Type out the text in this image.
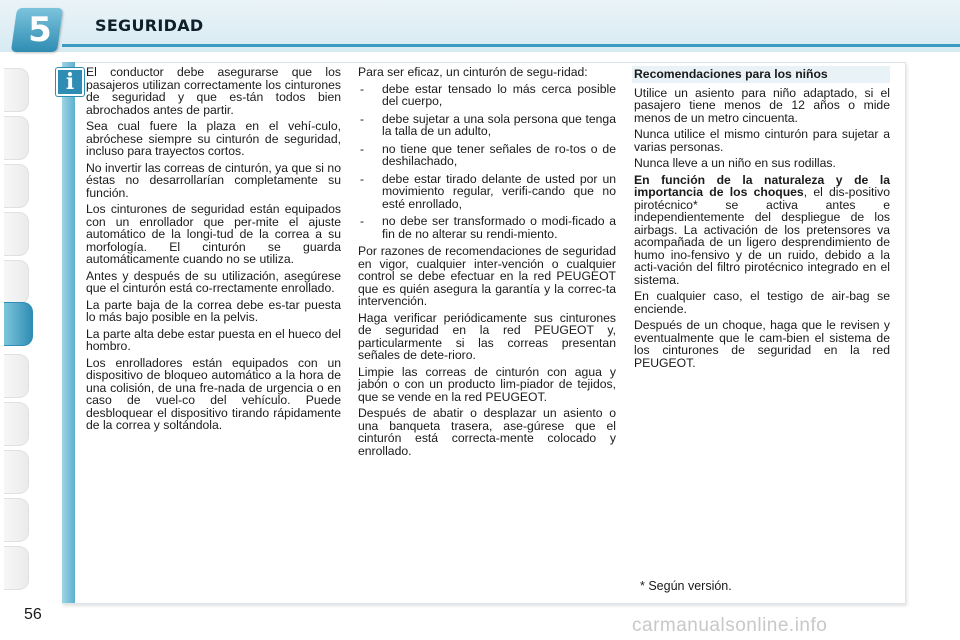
5	SEGURIDAD
i El conductor debe asegurarse que los pasajeros utilizan correctamente los cinturones de seguridad y que es-tán todos bien abrochados antes de partir.

Sea cual fuere la plaza en el vehí-culo, abróchese siempre su cinturón de seguridad, incluso para trayectos cortos.

No invertir las correas de cinturón, ya que si no éstas no desarrollarían completamente su función.

Los cinturones de seguridad están equipados con un enrollador que per-mite el ajuste automático de la longi-tud de la correa a su morfología. El cinturón se guarda automáticamente cuando no se utiliza.

Antes y después de su utilización, asegúrese que el cinturón está co-rrectamente enrollado.

La parte baja de la correa debe es-tar puesta lo más bajo posible en la pelvis.

La parte alta debe estar puesta en el hueco del hombro.

Los enrolladores están equipados con un dispositivo de bloqueo automático a la hora de una colisión, de una fre-nada de urgencia o en caso de vuel-co del vehículo. Puede desbloquear el dispositivo tirando rápidamente de la correa y soltándola.

Para ser eficaz, un cinturón de segu-ridad:

- debe estar tensado lo más cerca posible del cuerpo,
- debe sujetar a una sola persona que tenga la talla de un adulto,
- no tiene que tener señales de ro-tos o de deshilachado,
- debe estar tirado delante de usted por un movimiento regular, verifi-cando que no esté enrollado,
- no debe ser transformado o modi-ficado a fin de no alterar su rendi-miento.

Por razones de recomendaciones de seguridad en vigor, cualquier inter-vención o cualquier control se debe efectuar en la red PEUGEOT que es quién asegura la garantía y la correc-ta intervención.

Haga verificar periódicamente sus cinturones de seguridad en la red PEUGEOT y, particularmente si las correas presentan señales de dete-rioro.

Limpie las correas de cinturón con agua y jabón o con un producto lim-piador de tejidos, que se vende en la red PEUGEOT.

Después de abatir o desplazar un asiento o una banqueta trasera, ase-gúrese que el cinturón está correcta-mente colocado y enrollado.

Recomendaciones para los niños

Utilice un asiento para niño adaptado, si el pasajero tiene menos de 12 años o mide menos de un metro cincuenta.

Nunca utilice el mismo cinturón para sujetar a varias personas.

Nunca lleve a un niño en sus rodillas.

En función de la naturaleza y de la importancia de los choques, el dis-positivo pirotécnico* se activa antes e independientemente del despliegue de los airbags. La activación de los pretensores va acompañada de un ligero desprendimiento de humo ino-fensivo y de un ruido, debido a la acti-vación del filtro pirotécnico integrado en el sistema.

En cualquier caso, el testigo de air-bag se enciende.

Después de un choque, haga que le revisen y eventualmente que le cam-bien el sistema de los cinturones de seguridad en la red PEUGEOT.

* Según versión.
56
carmanualsonline.info
